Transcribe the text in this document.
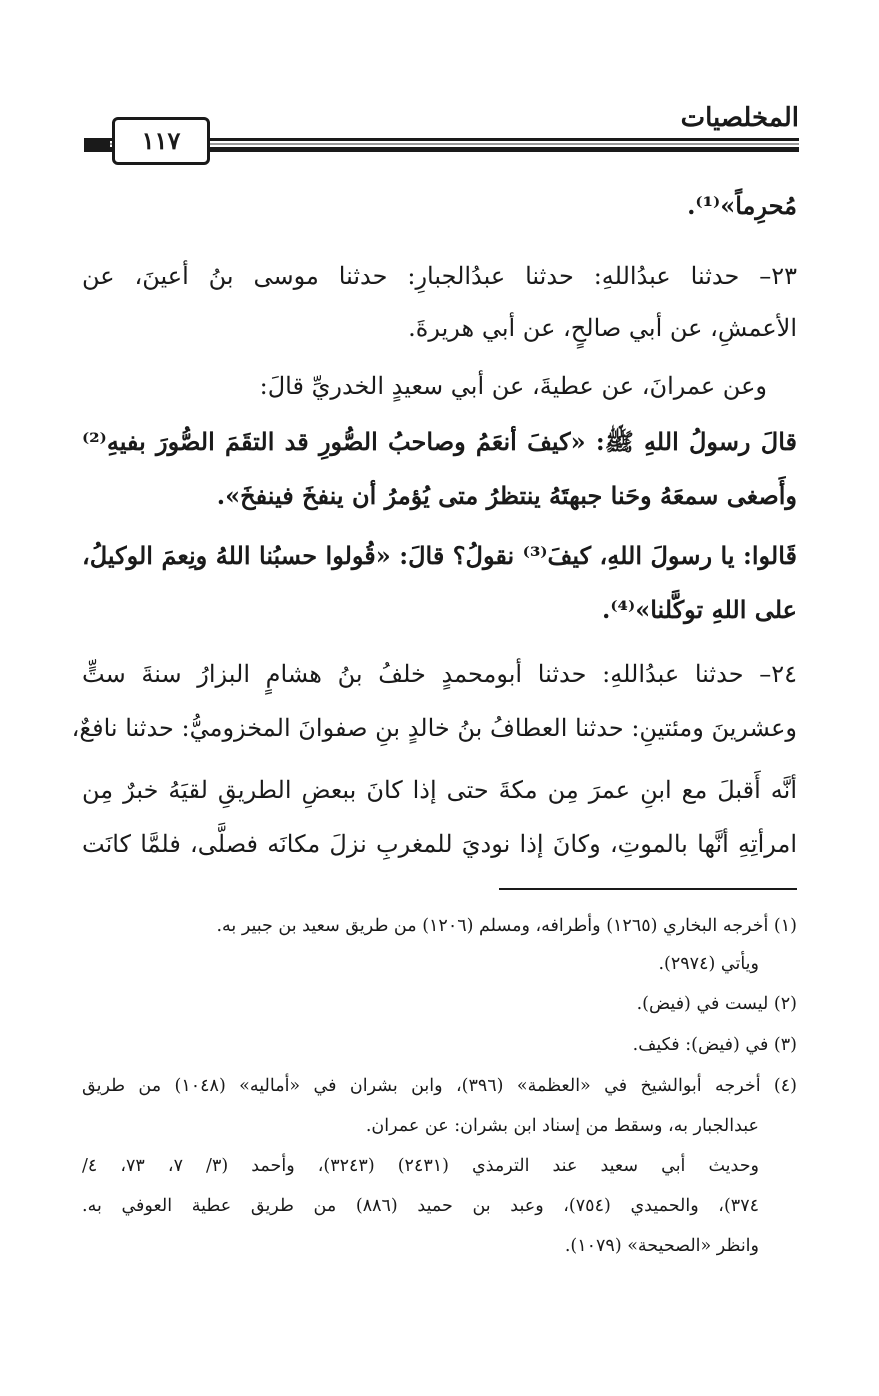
المخلصيات
١١٧
مُحرِماً»⁽¹⁾.
٢٣– حدثنا عبدُاللهِ: حدثنا عبدُالجبارِ: حدثنا موسى بنُ أعينَ، عن
الأعمشِ، عن أبي صالحٍ، عن أبي هريرةَ.
وعن عمرانَ، عن عطيةَ، عن أبي سعيدٍ الخدريِّ قالَ:
قالَ رسولُ اللهِ ﷺ: «كيفَ أنعَمُ وصاحبُ الصُّورِ قد التقَمَ الصُّورَ بفيهِ⁽²⁾
وأَصغى سمعَهُ وحَنا جبهتَهُ ينتظرُ متى يُؤمرُ أن ينفخَ فينفخَ».
قَالوا: يا رسولَ اللهِ، كيفَ⁽³⁾ نقولُ؟ قالَ: «قُولوا حسبُنا اللهُ ونِعمَ الوكيلُ،
على اللهِ توكَّلنا»⁽⁴⁾.
٢٤– حدثنا عبدُاللهِ: حدثنا أبومحمدٍ خلفُ بنُ هشامٍ البزارُ سنةَ ستٍّ
وعشرينَ ومئتينِ: حدثنا العطافُ بنُ خالدٍ بنِ صفوانَ المخزوميُّ: حدثنا نافعٌ،
أنَّه أَقبلَ مع ابنِ عمرَ مِن مكةَ حتى إذا كانَ ببعضِ الطريقِ لقيَهُ خبرٌ مِن
امرأتِهِ أنَّها بالموتِ، وكانَ إذا نوديَ للمغربِ نزلَ مكانَه فصلَّى، فلمَّا كانَت
(١) أخرجه البخاري (١٢٦٥) وأطرافه، ومسلم (١٢٠٦) من طريق سعيد بن جبير به.
ويأتي (٢٩٧٤).
(٢) ليست في (فيض).
(٣) في (فيض): فكيف.
(٤) أخرجه أبوالشيخ في «العظمة» (٣٩٦)، وابن بشران في «أماليه» (١٠٤٨) من طريق
عبدالجبار به، وسقط من إسناد ابن بشران: عن عمران.
وحديث أبي سعيد عند الترمذي (٢٤٣١) (٣٢٤٣)، وأحمد (٣/ ٧، ٧٣، ٤/
٣٧٤)، والحميدي (٧٥٤)، وعبد بن حميد (٨٨٦) من طريق عطية العوفي به.
وانظر «الصحيحة» (١٠٧٩).
